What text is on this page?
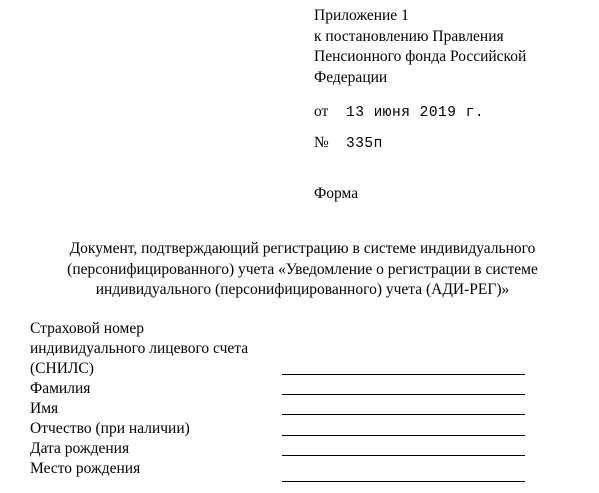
Приложение 1
к постановлению Правления
Пенсионного фонда Российской
Федерации
от 13 июня 2019 г.
№ 335п
Форма
Документ, подтверждающий регистрацию в системе индивидуального
(персонифицированного) учета «Уведомление о регистрации в системе
индивидуального (персонифицированного) учета (АДИ-РЕГ)»
Страховой номер
индивидуального лицевого счета
(СНИЛС)
Фамилия
Имя
Отчество (при наличии)
Дата рождения
Место рождения
